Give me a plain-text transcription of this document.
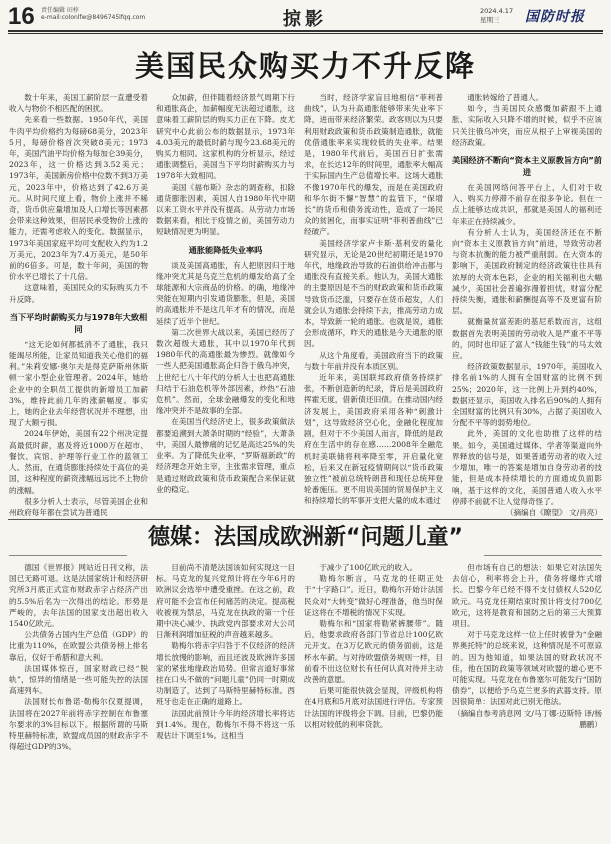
16 责任编辑 田梓
e-mail:colonlfw@8496745lfqq.com	掠影	2024.4.17
星期三	国防时报
美国民众购买力不升反降

数十年来，美国工薪阶层一直遭受着收入与物价不相匹配的困扰。

先来看一些数据。1950年代，美国牛肉平均价格约为每磅68美分，2023年5月，每磅价格首次突破8美元；1973年，美国汽油平均价格为每加仑39美分，2023年，这一价格达到3.52美元；1973年，美国新房价格中位数不到3万美元，2023年中，价格达到了42.6万美元。从时间尺度上看，物价上涨并不稀奇，货币供应量增加及人口增长等因素都会带来这种效果，但居民承受物价上涨的能力，还需考虑收入的变化。数据显示，1973年美国家庭平均可支配收入约为1.2万美元，2023年为7.4万美元，是50年前的6倍多。可是，数十年间，美国的物价水平已增长了十几倍。

这意味着，美国民众的实际购买力不升反降。

当下平均时薪购买力与1978年大致相同

“这无论如何都抵消不了通胀，我只能竭尽所能，让家员知道我关心他们的福利。”朱莉安娜·奥尔夫是得克萨斯州休斯顿一家小型企业管理者。2024年，她给企业中的全职员工提供的新增员工加薪3%，维持此前几年的涨薪幅度。事实上，她的企业去年经营状况并不理想，出现了大额亏损。

2024年伊始，美国有22个州决定提高最低时薪，惠及将近1000万在超市、餐饮、宾馆、护理等行业工作的蓝领工人。然而，在通货膨胀持续处于高位的美国，这种程度的薪资涨幅远远比不上物价的涨幅。

很多分析人士表示，尽管美国企业和州政府每年都在尝试为普通民

众加薪，但伴随着经济景气周期下行和通胀高企，加薪幅度无法超过通胀，这意味着工薪阶层的购买力正在下降。皮尤研究中心此前公布的数据显示，1973年4.03美元的最低时薪与现今23.68美元的购买力相同。这家机构的分析显示，经过通胀调整后，美国当下平均时薪购买力与1978年大致相同。

美国《福布斯》杂志的调查称，扣除通货膨胀因素，美国人自1980年代中期以来工资水平并没有提高。从劳动力市场数据来看，相比于疫情之前，美国劳动力短缺情况更为明显。

通胀能降低失业率吗

谈及美国高通胀，有人把原因归于地缘冲突尤其是乌克兰危机的爆发给高了全球能源和大宗商品的价格。的确，地缘冲突能在短期内引发通货膨胀，但是，美国的高通胀并不是这几年才有的情况，而是延续了近半个世纪。

第二次世界大战以来，美国已经历了数次超级大通胀，其中以1970年代到1980年代的高通胀最为惨烈。就像如今一些人把美国通胀高企归咎于俄乌冲突，上世纪七八十年代的分析人士也把高通胀归结于石油危机等外部因素，炒热“石油危机”。然而，全球金融爆发的变化和地缘冲突并不是故事的全部。

在美国当代经济史上，很多政策做法都要追溯到大萧条时期的“经验”，大萧条中，美国人最惨痛的记忆是高达25%的失业率。为了降低失业率，“罗斯福新政”的经济理念开始主宰，主张需求管理，重点是通过财政政策和货币政策配合来保证就业的稳定。

当时，经济学家盲目地相信“菲利普曲线”，认为升高通胀能够带来失业率下降，进而带来经济繁荣。政客则以为只要利用财政政策和货币政策制造通胀，就能优借通胀率来实现较低的失业率。结果是，1980年代前后，美国百日扩张需求，在长达12年的时间里，通胀率大幅高于实际国内生产总值增长率。这场大通胀不像1970年代的爆发，而是在美国政府和华尔街不懈“智慧”的监管下，“保增长”的货币和债务流动性，造成了一场民众的贫困化，而事实证明“菲利普曲线”已经破产。

美国经济学家卢卡斯·基利安的量化研究显示，无论是20世纪初期还是1970年代，地缘政治导致的石油供给冲击都与通胀没有直接关系。他认为，美国大通胀的主要原因是不当的财政政策和货币政策导致货币泛滥，只要存在货币超发，人们就会认为通胀会持续下去，推高劳动力成本，导致新一轮的通胀。也就是说，通胀会形成循环，昨天的通胀是今天通胀的原因。

从这个角度看，美国政府当下的政策与数十年前并没有本质区别。

近年来，美国联邦政府债务持续扩张，不断创造新的纪录，背后是美国政府挥霍无度，借新债还旧债。在推动国内经济发展上，美国政府采用各种“刺激计划”，这导致经济空心化，金融化程度加剧，但对于不少美国人而言，降低的是政府在生活中的存在感……2008年全融危机时美联储将利率降至零，开启量化宽松，后来又在新冠疫情期间以“货币政策独立性”被前总统特朗普和现任总统拜登轮番施压。更不用说美国的贸易保护主义和持续增长的军事开支把大量的成本通过

通胀转嫁给了普通人。

如今，当美国民众感慨加薪跟不上通胀、实际收入只降不增的时候，似乎不应该只关注俄乌冲突，而应从根子上审视美国的经济政策。

美国经济不断向“资本主义原教旨方向”前进

在美国网络问答平台上，人们对于收入、购买力停滞不前存在很多争论。但在一点上能够达成共识，那就是美国人的福利还年来正在持续减少。

有分析人士认为，美国经济还在不断向“资本主义原教旨方向”前进，导致劳动者与资本抗衡的能力被严重削弱。在大资本的影响下，美国政府制定的经济政策往往具有浓厚的大资本色彩，企业的相关福利也大幅减少，美国社会普遍弥漫着担忧，财富分配持续失衡，通胀和薪酬提高等不及更富有阶层。

就衡量贫富差距的基尼系数而言，这组数据首先表明美国的劳动收入是严重不平等的，同时也印证了富人“钱能生钱”的马太效应。

经济政策数据显示，1970年，美国收入排名前1%的人拥有全国财富的比例不到25%；2020年，这一比例上升到约40%，数据还显示，美国收入排名后90%的人拥有全国财富的比例只有30%，占据了美国收入分配不平等的弱势地位。

此外，美国的文化也助推了这样的结果。如今，美国通过媒体、学者等渠道向外界释放的信号是，如果普通劳动者的收入过少增加，唯一的答案是增加自身劳动者的技能，但是成本持续增长的方面通成负面影响，基于这样的文化，美国普通人收入水平停滞不前就不让人觉得奇怪了。

（摘编自《瞭望》 文/肖亮）

德媒：法国成欧洲新“问题儿童”

德国《世界报》网站近日刊文称，法国已无路可退。这是法国家统计和经济研究所3月底正式宣布财政赤字占经济产出的5.5%后名为一次得出的结论。形势是严峻的，去年法国的国家支出超出收入1540亿欧元。

公共债务占国内生产总值（GDP）的比重为110%，在欧盟公共债务榜上排名靠后，仅好于希腊和意大利。

法国媒体惊百，国家财政已经“脱轨”，惊异的情绪是一些可能失控的法国高速列车。

法国财长布鲁诺·勒梅尔仅夏提调，法国将在2027年前将赤字控制在布鲁塞尔要求的3%目标以下。根据所谓的马斯特里赫特标准，欧盟成员国的财政赤字不得超过GDP的3%。

目前尚不清楚法国该如何实现这一目标。马克龙的复兴党预计将在今年6月的欧洲议会选举中遭受重挫。在这之前，政府可能不会宣布任何痛苦的决定。提高税收被视为禁忌，马克龙在执政的第一个任期中决心减少、执政党内部要求对大公司日渐利润增加征税的声音越来越多。

勒梅尔将赤字归咎于不仅经济的经济增长放慢的影响，而且还波及欧洲许多国家的紧张地缘政治局势。但常言道好事常挂在口头不做的“问题儿童”仍同一时期成功制造了，达到了马斯特里赫特标准。西班牙也走在正确的道路上。

法国此前预计今年的经济增长率将达到1.4%。现在，勒梅尔不得不将这一乐观估计下调至1%。这相当

于减少了100亿欧元的收入。

勒梅尔断言，马克龙的任期正处于“十字路口”。近日，勒梅尔开始计法国民众对“大转变”做好心理准备，他当时保证这将在不增税的情况下实现。

勒梅尔和“国家将勒紧裤腰带”。随后，他要求政府各部门节省总计100亿欧元开支。在3万亿欧元的债务面前，这是杯水车薪。与对待欧盟债务规则一样，目前看不出这位财长有任何认真对待并主动改善的意愿。

后果可能很快就会显现，评级机构将在4月底和5月底对法国进行评估。专家预计法国的评级将会下调。目前，巴黎仍能以相对较低的利率贷款。

但市场有自己的想法：如果它对法国失去信心，利率将会上升，债务将爆炸式增长。巴黎今年已经不得不支付债权人520亿欧元。马克龙任期结束时预计将支付700亿欧元，这将是教育和国防之后的第三大预算项目。

对于马克龙这样一位上任时被誉为“金融界奥托特”的总统来说，这种情况是不可原谅的。因为他知道，如果法国的财政状况不佳，他在国防政策等领域对欧盟的雄心更不可能实现。马克龙在布鲁塞尔可能发行“国防债券”，以便给予乌克兰更多的武器支持。原因很简单：法国对此已别无他法。

（摘编自参考消息网 文/马丁娜·迈斯特 译/杨鹏鹏）
